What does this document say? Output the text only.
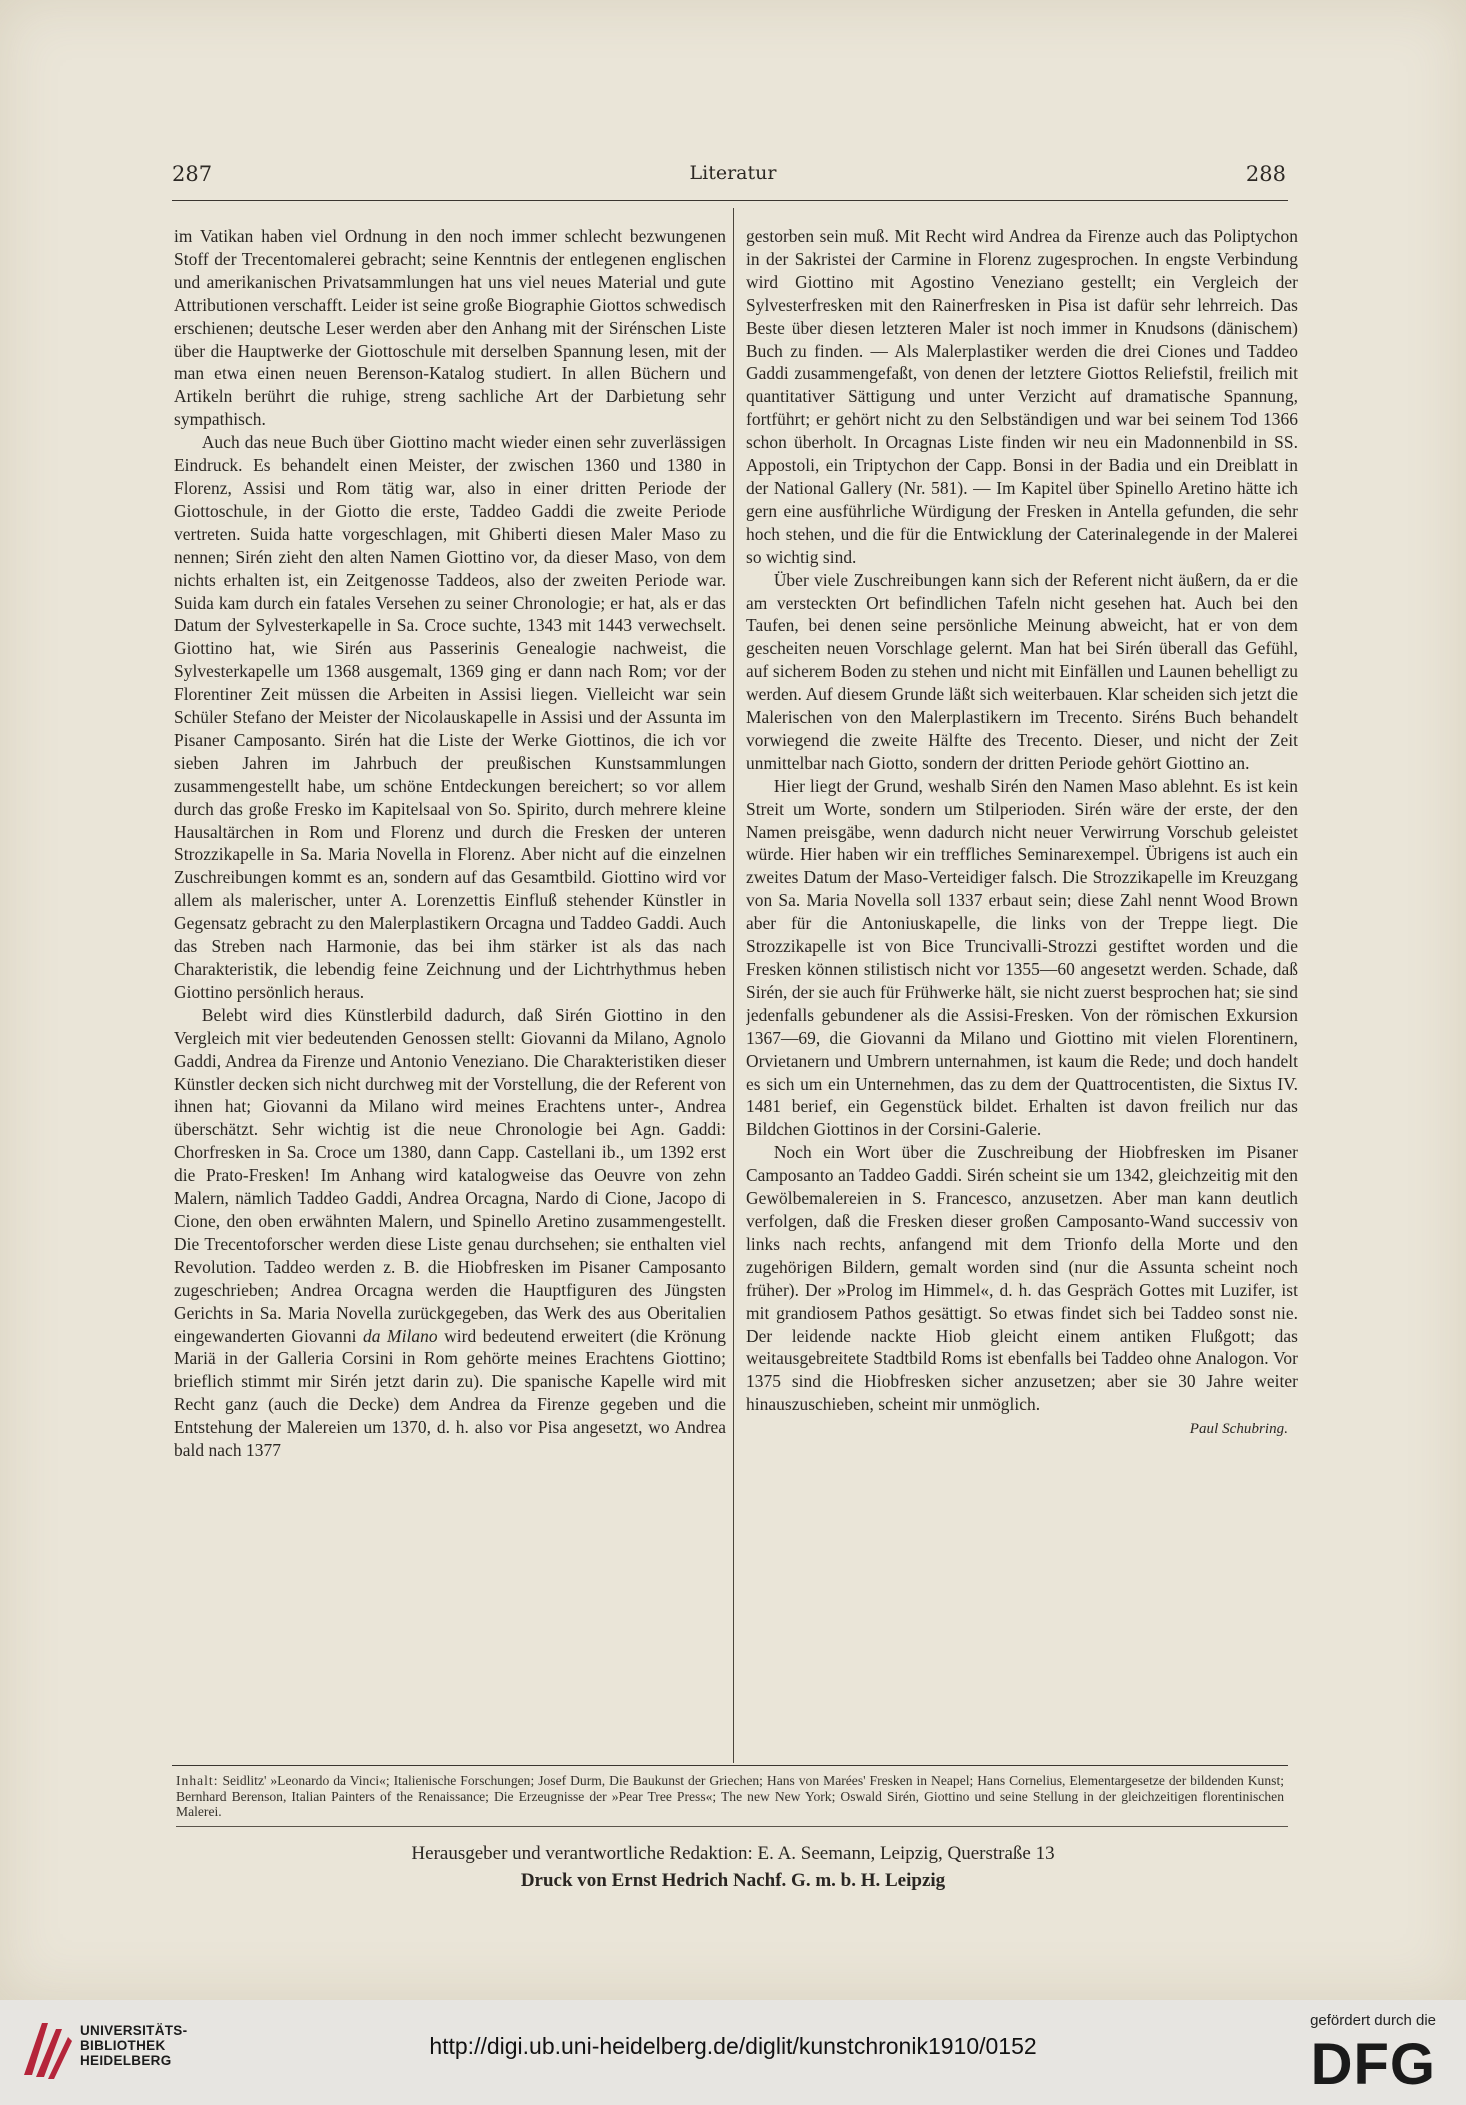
287	Literatur	288

im Vatikan haben viel Ordnung in den noch immer schlecht bezwungenen Stoff der Trecentomalerei gebracht; seine Kenntnis der entlegenen englischen und amerikanischen Privatsammlungen hat uns viel neues Material und gute Attributionen verschafft. Leider ist seine große Biographie Giottos schwedisch erschienen; deutsche Leser werden aber den Anhang mit der Sirénschen Liste über die Hauptwerke der Giottoschule mit derselben Spannung lesen, mit der man etwa einen neuen Berenson-Katalog studiert. In allen Büchern und Artikeln berührt die ruhige, streng sachliche Art der Darbietung sehr sympathisch.

Auch das neue Buch über Giottino macht wieder einen sehr zuverlässigen Eindruck. Es behandelt einen Meister, der zwischen 1360 und 1380 in Florenz, Assisi und Rom tätig war, also in einer dritten Periode der Giottoschule, in der Giotto die erste, Taddeo Gaddi die zweite Periode vertreten. Suida hatte vorgeschlagen, mit Ghiberti diesen Maler Maso zu nennen; Sirén zieht den alten Namen Giottino vor, da dieser Maso, von dem nichts erhalten ist, ein Zeitgenosse Taddeos, also der zweiten Periode war. Suida kam durch ein fatales Versehen zu seiner Chronologie; er hat, als er das Datum der Sylvesterkapelle in Sa. Croce suchte, 1343 mit 1443 verwechselt. Giottino hat, wie Sirén aus Passerinis Genealogie nachweist, die Sylvesterkapelle um 1368 ausgemalt, 1369 ging er dann nach Rom; vor der Florentiner Zeit müssen die Arbeiten in Assisi liegen. Vielleicht war sein Schüler Stefano der Meister der Nicolauskapelle in Assisi und der Assunta im Pisaner Camposanto. Sirén hat die Liste der Werke Giottinos, die ich vor sieben Jahren im Jahrbuch der preußischen Kunstsammlungen zusammengestellt habe, um schöne Entdeckungen bereichert; so vor allem durch das große Fresko im Kapitelsaal von So. Spirito, durch mehrere kleine Hausaltärchen in Rom und Florenz und durch die Fresken der unteren Strozzikapelle in Sa. Maria Novella in Florenz. Aber nicht auf die einzelnen Zuschreibungen kommt es an, sondern auf das Gesamtbild. Giottino wird vor allem als malerischer, unter A. Lorenzettis Einfluß stehender Künstler in Gegensatz gebracht zu den Malerplastikern Orcagna und Taddeo Gaddi. Auch das Streben nach Harmonie, das bei ihm stärker ist als das nach Charakteristik, die lebendig feine Zeichnung und der Lichtrhythmus heben Giottino persönlich heraus.

Belebt wird dies Künstlerbild dadurch, daß Sirén Giottino in den Vergleich mit vier bedeutenden Genossen stellt: Giovanni da Milano, Agnolo Gaddi, Andrea da Firenze und Antonio Veneziano. Die Charakteristiken dieser Künstler decken sich nicht durchweg mit der Vorstellung, die der Referent von ihnen hat; Giovanni da Milano wird meines Erachtens unter-, Andrea überschätzt. Sehr wichtig ist die neue Chronologie bei Agn. Gaddi: Chorfresken in Sa. Croce um 1380, dann Capp. Castellani ib., um 1392 erst die Prato-Fresken! Im Anhang wird katalogweise das Oeuvre von zehn Malern, nämlich Taddeo Gaddi, Andrea Orcagna, Nardo di Cione, Jacopo di Cione, den oben erwähnten Malern, und Spinello Aretino zusammengestellt. Die Trecentoforscher werden diese Liste genau durchsehen; sie enthalten viel Revolution. Taddeo werden z. B. die Hiobfresken im Pisaner Camposanto zugeschrieben; Andrea Orcagna werden die Hauptfiguren des Jüngsten Gerichts in Sa. Maria Novella zurückgegeben, das Werk des aus Oberitalien eingewanderten Giovanni da Milano wird bedeutend erweitert (die Krönung Mariä in der Galleria Corsini in Rom gehörte meines Erachtens Giottino; brieflich stimmt mir Sirén jetzt darin zu). Die spanische Kapelle wird mit Recht ganz (auch die Decke) dem Andrea da Firenze gegeben und die Entstehung der Malereien um 1370, d. h. also vor Pisa angesetzt, wo Andrea bald nach 1377

gestorben sein muß. Mit Recht wird Andrea da Firenze auch das Poliptychon in der Sakristei der Carmine in Florenz zugesprochen. In engste Verbindung wird Giottino mit Agostino Veneziano gestellt; ein Vergleich der Sylvesterfresken mit den Rainerfresken in Pisa ist dafür sehr lehrreich. Das Beste über diesen letzteren Maler ist noch immer in Knudsons (dänischem) Buch zu finden. — Als Malerplastiker werden die drei Ciones und Taddeo Gaddi zusammengefaßt, von denen der letztere Giottos Reliefstil, freilich mit quantitativer Sättigung und unter Verzicht auf dramatische Spannung, fortführt; er gehört nicht zu den Selbständigen und war bei seinem Tod 1366 schon überholt. In Orcagnas Liste finden wir neu ein Madonnenbild in SS. Appostoli, ein Triptychon der Capp. Bonsi in der Badia und ein Dreiblatt in der National Gallery (Nr. 581). — Im Kapitel über Spinello Aretino hätte ich gern eine ausführliche Würdigung der Fresken in Antella gefunden, die sehr hoch stehen, und die für die Entwicklung der Caterinalegende in der Malerei so wichtig sind.

Über viele Zuschreibungen kann sich der Referent nicht äußern, da er die am versteckten Ort befindlichen Tafeln nicht gesehen hat. Auch bei den Taufen, bei denen seine persönliche Meinung abweicht, hat er von dem gescheiten neuen Vorschlage gelernt. Man hat bei Sirén überall das Gefühl, auf sicherem Boden zu stehen und nicht mit Einfällen und Launen behelligt zu werden. Auf diesem Grunde läßt sich weiterbauen. Klar scheiden sich jetzt die Malerischen von den Malerplastikern im Trecento. Siréns Buch behandelt vorwiegend die zweite Hälfte des Trecento. Dieser, und nicht der Zeit unmittelbar nach Giotto, sondern der dritten Periode gehört Giottino an.

Hier liegt der Grund, weshalb Sirén den Namen Maso ablehnt. Es ist kein Streit um Worte, sondern um Stilperioden. Sirén wäre der erste, der den Namen preisgäbe, wenn dadurch nicht neuer Verwirrung Vorschub geleistet würde. Hier haben wir ein treffliches Seminarexempel. Übrigens ist auch ein zweites Datum der Maso-Verteidiger falsch. Die Strozzikapelle im Kreuzgang von Sa. Maria Novella soll 1337 erbaut sein; diese Zahl nennt Wood Brown aber für die Antoniuskapelle, die links von der Treppe liegt. Die Strozzikapelle ist von Bice Truncivalli-Strozzi gestiftet worden und die Fresken können stilistisch nicht vor 1355—60 angesetzt werden. Schade, daß Sirén, der sie auch für Frühwerke hält, sie nicht zuerst besprochen hat; sie sind jedenfalls gebundener als die Assisi-Fresken. Von der römischen Exkursion 1367—69, die Giovanni da Milano und Giottino mit vielen Florentinern, Orvietanern und Umbrern unternahmen, ist kaum die Rede; und doch handelt es sich um ein Unternehmen, das zu dem der Quattrocentisten, die Sixtus IV. 1481 berief, ein Gegenstück bildet. Erhalten ist davon freilich nur das Bildchen Giottinos in der Corsini-Galerie.

Noch ein Wort über die Zuschreibung der Hiobfresken im Pisaner Camposanto an Taddeo Gaddi. Sirén scheint sie um 1342, gleichzeitig mit den Gewölbemalereien in S. Francesco, anzusetzen. Aber man kann deutlich verfolgen, daß die Fresken dieser großen Camposanto-Wand successiv von links nach rechts, anfangend mit dem Trionfo della Morte und den zugehörigen Bildern, gemalt worden sind (nur die Assunta scheint noch früher). Der »Prolog im Himmel«, d. h. das Gespräch Gottes mit Luzifer, ist mit grandiosem Pathos gesättigt. So etwas findet sich bei Taddeo sonst nie. Der leidende nackte Hiob gleicht einem antiken Flußgott; das weitausgebreitete Stadtbild Roms ist ebenfalls bei Taddeo ohne Analogon. Vor 1375 sind die Hiobfresken sicher anzusetzen; aber sie 30 Jahre weiter hinauszuschieben, scheint mir unmöglich.

Paul Schubring.
Inhalt: Seidlitz' »Leonardo da Vinci«; Italienische Forschungen; Josef Durm, Die Baukunst der Griechen; Hans von Marées' Fresken in Neapel; Hans Cornelius, Elementargesetze der bildenden Kunst; Bernhard Berenson, Italian Painters of the Renaissance; Die Erzeugnisse der »Pear Tree Press«; The new New York; Oswald Sirén, Giottino und seine Stellung in der gleichzeitigen florentinischen Malerei.
Herausgeber und verantwortliche Redaktion: E. A. Seemann, Leipzig, Querstraße 13
Druck von Ernst Hedrich Nachf. G. m. b. H. Leipzig
UNIVERSITÄTS-
BIBLIOTHEK
HEIDELBERG
http://digi.ub.uni-heidelberg.de/diglit/kunstchronik1910/0152
gefördert durch die
DFG
